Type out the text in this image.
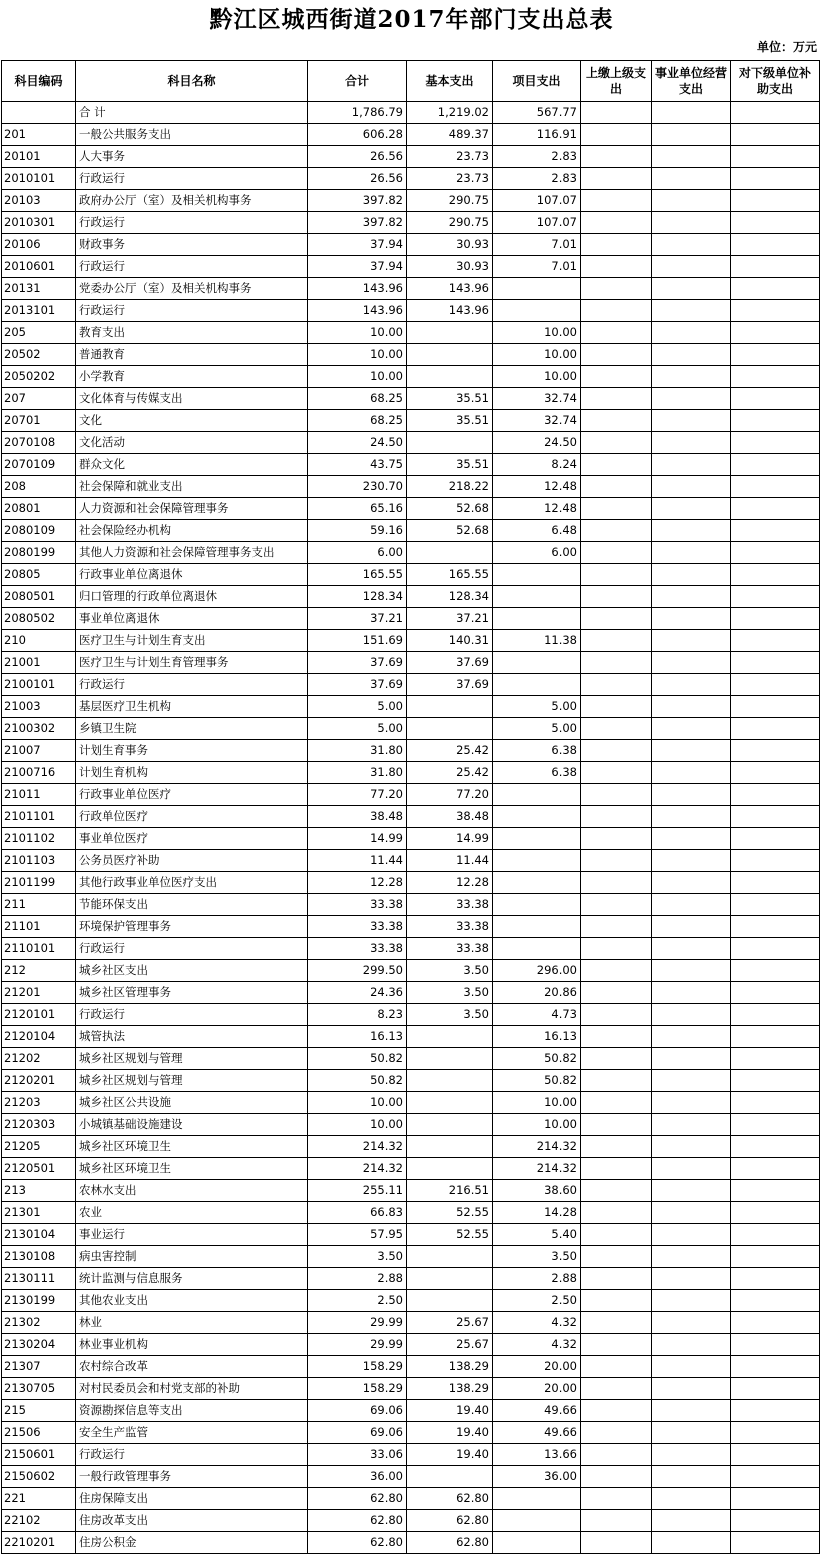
黔江区城西街道2017年部门支出总表
单位：万元
科目编码	科目名称	合计	基本支出	项目支出	上缴上级支出	事业单位经营支出	对下级单位补助支出
	合 计	1,786.79	1,219.02	567.77			
201	一般公共服务支出	606.28	489.37	116.91			
20101	人大事务	26.56	23.73	2.83			
2010101	行政运行	26.56	23.73	2.83			
20103	政府办公厅（室）及相关机构事务	397.82	290.75	107.07			
2010301	行政运行	397.82	290.75	107.07			
20106	财政事务	37.94	30.93	7.01			
2010601	行政运行	37.94	30.93	7.01			
20131	党委办公厅（室）及相关机构事务	143.96	143.96				
2013101	行政运行	143.96	143.96				
205	教育支出	10.00		10.00			
20502	普通教育	10.00		10.00			
2050202	小学教育	10.00		10.00			
207	文化体育与传媒支出	68.25	35.51	32.74			
20701	文化	68.25	35.51	32.74			
2070108	文化活动	24.50		24.50			
2070109	群众文化	43.75	35.51	8.24			
208	社会保障和就业支出	230.70	218.22	12.48			
20801	人力资源和社会保障管理事务	65.16	52.68	12.48			
2080109	社会保险经办机构	59.16	52.68	6.48			
2080199	其他人力资源和社会保障管理事务支出	6.00		6.00			
20805	行政事业单位离退休	165.55	165.55				
2080501	归口管理的行政单位离退休	128.34	128.34				
2080502	事业单位离退休	37.21	37.21				
210	医疗卫生与计划生育支出	151.69	140.31	11.38			
21001	医疗卫生与计划生育管理事务	37.69	37.69				
2100101	行政运行	37.69	37.69				
21003	基层医疗卫生机构	5.00		5.00			
2100302	乡镇卫生院	5.00		5.00			
21007	计划生育事务	31.80	25.42	6.38			
2100716	计划生育机构	31.80	25.42	6.38			
21011	行政事业单位医疗	77.20	77.20				
2101101	行政单位医疗	38.48	38.48				
2101102	事业单位医疗	14.99	14.99				
2101103	公务员医疗补助	11.44	11.44				
2101199	其他行政事业单位医疗支出	12.28	12.28				
211	节能环保支出	33.38	33.38				
21101	环境保护管理事务	33.38	33.38				
2110101	行政运行	33.38	33.38				
212	城乡社区支出	299.50	3.50	296.00			
21201	城乡社区管理事务	24.36	3.50	20.86			
2120101	行政运行	8.23	3.50	4.73			
2120104	城管执法	16.13		16.13			
21202	城乡社区规划与管理	50.82		50.82			
2120201	城乡社区规划与管理	50.82		50.82			
21203	城乡社区公共设施	10.00		10.00			
2120303	小城镇基础设施建设	10.00		10.00			
21205	城乡社区环境卫生	214.32		214.32			
2120501	城乡社区环境卫生	214.32		214.32			
213	农林水支出	255.11	216.51	38.60			
21301	农业	66.83	52.55	14.28			
2130104	事业运行	57.95	52.55	5.40			
2130108	病虫害控制	3.50		3.50			
2130111	统计监测与信息服务	2.88		2.88			
2130199	其他农业支出	2.50		2.50			
21302	林业	29.99	25.67	4.32			
2130204	林业事业机构	29.99	25.67	4.32			
21307	农村综合改革	158.29	138.29	20.00			
2130705	对村民委员会和村党支部的补助	158.29	138.29	20.00			
215	资源勘探信息等支出	69.06	19.40	49.66			
21506	安全生产监管	69.06	19.40	49.66			
2150601	行政运行	33.06	19.40	13.66			
2150602	一般行政管理事务	36.00		36.00			
221	住房保障支出	62.80	62.80				
22102	住房改革支出	62.80	62.80				
2210201	住房公积金	62.80	62.80				
